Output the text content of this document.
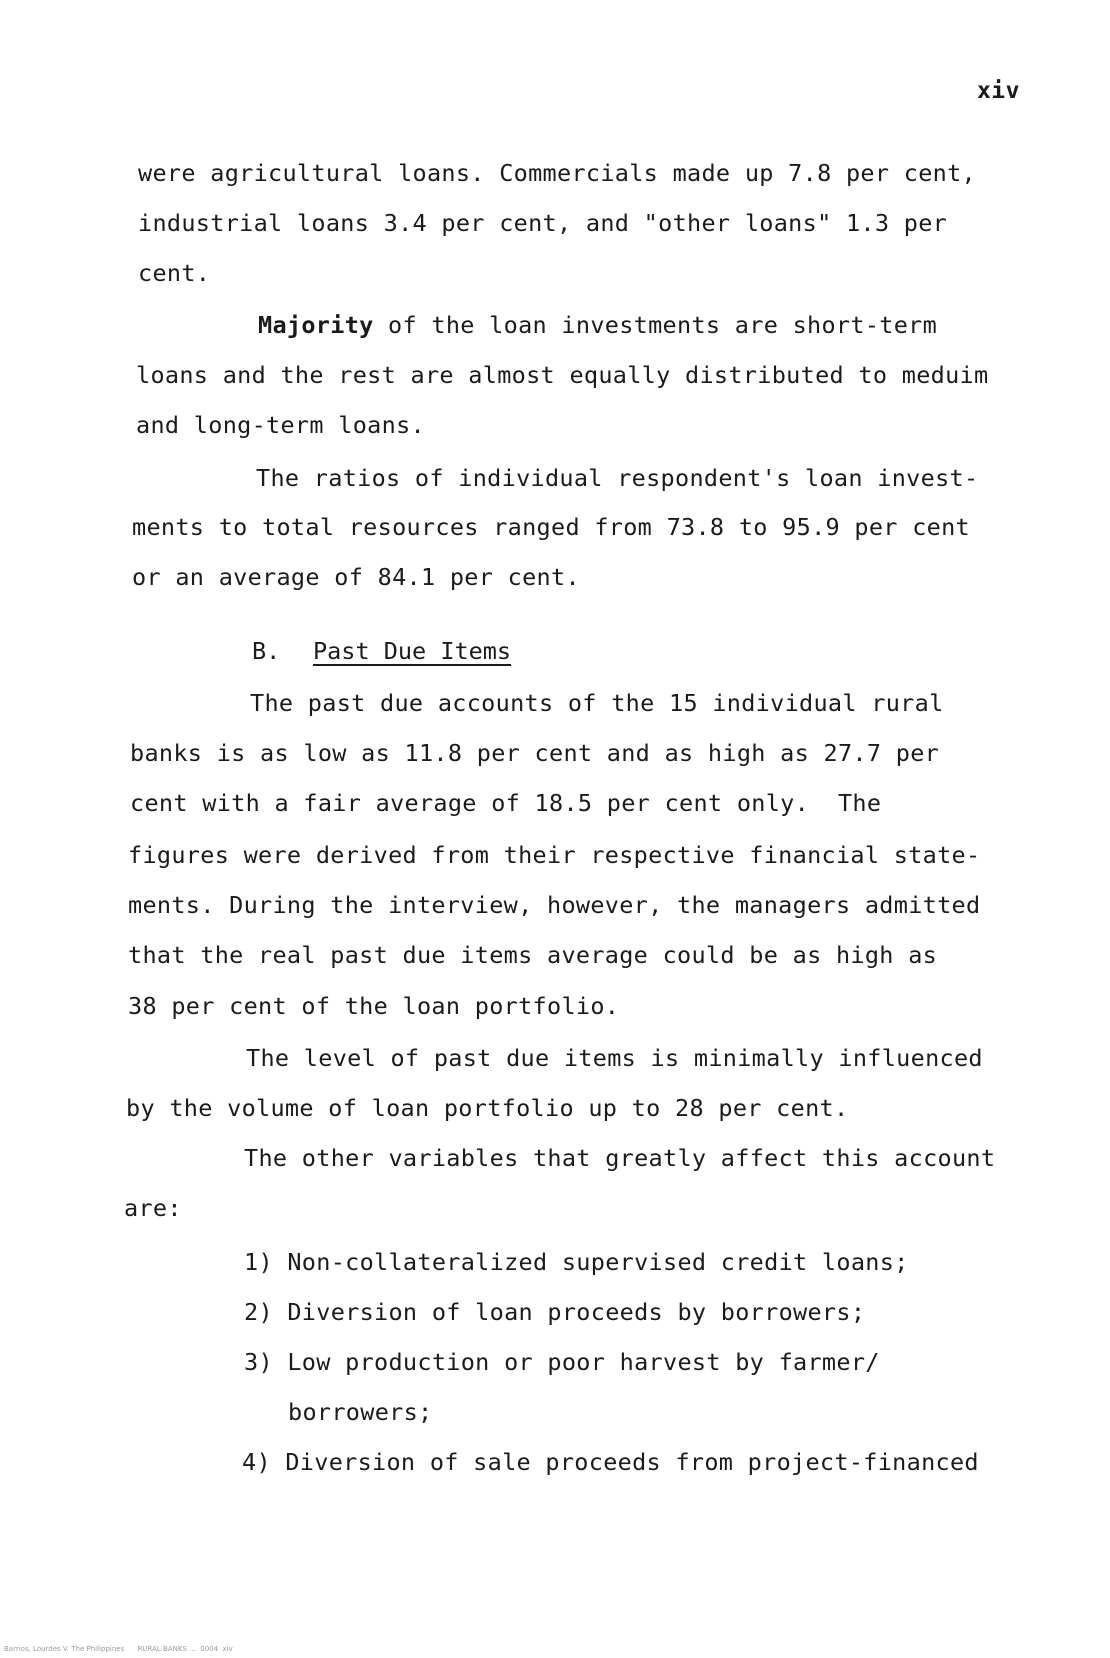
xiv
were agricultural loans. Commercials made up 7.8 per cent,
industrial loans 3.4 per cent, and "other loans" 1.3 per
cent.
Majority of the loan investments are short-term
loans and the rest are almost equally distributed to meduim
and long-term loans.
The ratios of individual respondent's loan invest-
ments to total resources ranged from 73.8 to 95.9 per cent
or an average of 84.1 per cent.
B. Past Due Items
The past due accounts of the 15 individual rural
banks is as low as 11.8 per cent and as high as 27.7 per
cent with a fair average of 18.5 per cent only.  The
figures were derived from their respective financial state-
ments. During the interview, however, the managers admitted
that the real past due items average could be as high as
38 per cent of the loan portfolio.
The level of past due items is minimally influenced
by the volume of loan portfolio up to 28 per cent.
The other variables that greatly affect this account
are:
1) Non-collateralized supervised credit loans;
2) Diversion of loan proceeds by borrowers;
3) Low production or poor harvest by farmer/
borrowers;
4) Diversion of sale proceeds from project-financed
Barrios, Lourdes V. The Philippines      RURAL BANKS ...  0004  xiv
